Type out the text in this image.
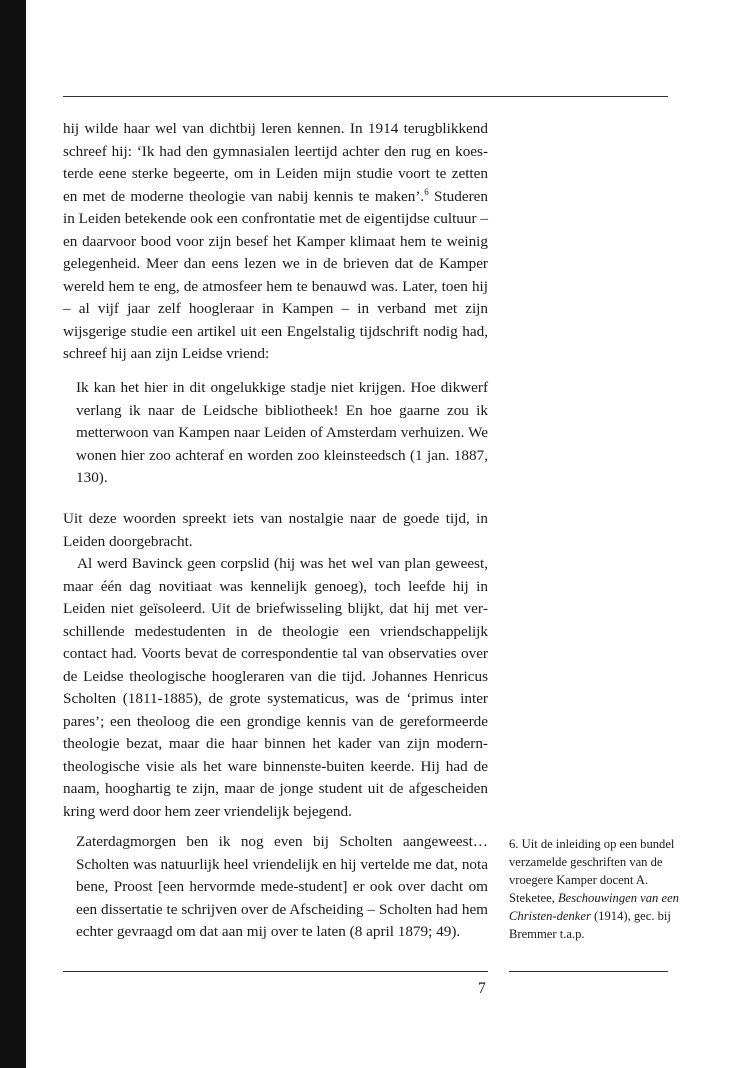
hij wilde haar wel van dichtbij leren kennen. In 1914 terugblikkend schreef hij: ‘Ik had den gymnasialen leertijd achter den rug en koesterde eene sterke begeerte, om in Leiden mijn studie voort te zetten en met de moderne theologie van nabij kennis te maken’.$^6$ Studeren in Leiden betekende ook een confrontatie met de eigentijdse cultuur – en daarvoor bood voor zijn besef het Kamper klimaat hem te weinig gelegenheid. Meer dan eens lezen we in de brieven dat de Kamper wereld hem te eng, de atmosfeer hem te benauwd was. Later, toen hij – al vijf jaar zelf hoogleraar in Kampen – in verband met zijn wijsgerige studie een artikel uit een Engelstalig tijdschrift nodig had, schreef hij aan zijn Leidse vriend:

Ik kan het hier in dit ongelukkige stadje niet krijgen. Hoe dikwerf verlang ik naar de Leidsche bibliotheek! En hoe gaarne zou ik metterwoon van Kampen naar Leiden of Amsterdam verhuizen. We wonen hier zoo achteraf en worden zoo kleinsteedsch (1 jan. 1887, 130).

Uit deze woorden spreekt iets van nostalgie naar de goede tijd, in Leiden doorgebracht.

Al werd Bavinck geen corpslid (hij was het wel van plan geweest, maar één dag novitiaat was kennelijk genoeg), toch leefde hij in Leiden niet geïsoleerd. Uit de briefwisseling blijkt, dat hij met verschillende medestudenten in de theologie een vriendschappelijk contact had. Voorts bevat de correspondentie tal van observaties over de Leidse theologische hoogleraren van die tijd. Johannes Henricus Scholten (1811-1885), de grote systematicus, was de ‘primus inter pares’; een theoloog die een grondige kennis van de gereformeerde theologie bezat, maar die haar binnen het kader van zijn modern-theologische visie als het ware binnenste-buiten keerde. Hij had de naam, hooghartig te zijn, maar de jonge student uit de afgescheiden kring werd door hem zeer vriendelijk bejegend.

Zaterdagmorgen ben ik nog even bij Scholten aangeweest… Scholten was natuurlijk heel vriendelijk en hij vertelde me dat, nota bene, Proost [een hervormde mede-student] er ook over dacht om een dissertatie te schrijven over de Afscheiding – Scholten had hem echter gevraagd om dat aan mij over te laten (8 april 1879; 49).

6. Uit de inleiding op een bundel verzamelde geschriften van de vroegere Kamper docent A. Steketee, Beschouwingen van een Christen-denker (1914), gec. bij Bremmer t.a.p.

7
